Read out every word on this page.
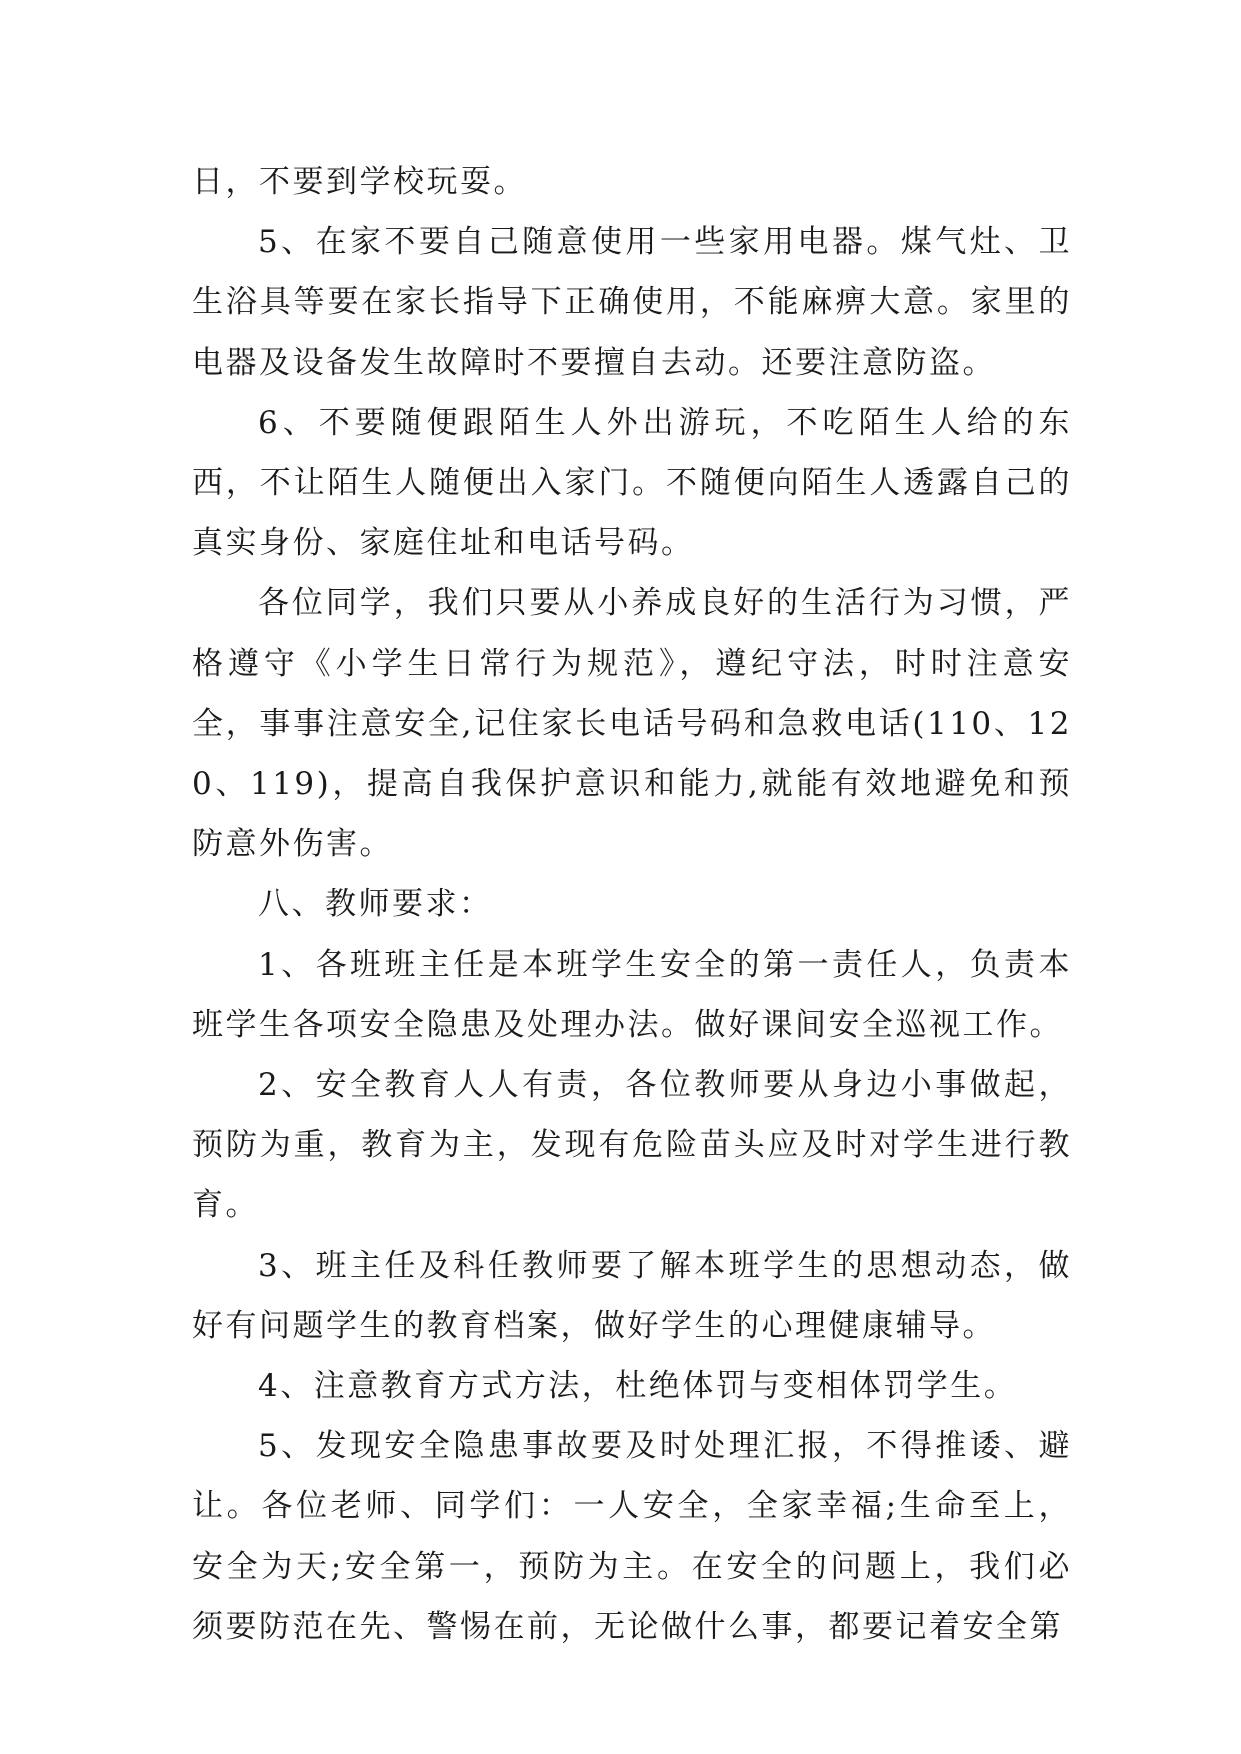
日，不要到学校玩耍。

5、在家不要自己随意使用一些家用电器。煤气灶、卫生浴具等要在家长指导下正确使用，不能麻痹大意。家里的电器及设备发生故障时不要擅自去动。还要注意防盗。

6、不要随便跟陌生人外出游玩，不吃陌生人给的东西，不让陌生人随便出入家门。不随便向陌生人透露自己的真实身份、家庭住址和电话号码。

各位同学，我们只要从小养成良好的生活行为习惯，严格遵守《小学生日常行为规范》，遵纪守法，时时注意安全，事事注意安全,记住家长电话号码和急救电话(110、120、119)，提高自我保护意识和能力,就能有效地避免和预防意外伤害。

八、教师要求：

1、各班班主任是本班学生安全的第一责任人，负责本班学生各项安全隐患及处理办法。做好课间安全巡视工作。

2、安全教育人人有责，各位教师要从身边小事做起，预防为重，教育为主，发现有危险苗头应及时对学生进行教育。

3、班主任及科任教师要了解本班学生的思想动态，做好有问题学生的教育档案，做好学生的心理健康辅导。

4、注意教育方式方法，杜绝体罚与变相体罚学生。

5、发现安全隐患事故要及时处理汇报，不得推诿、避让。各位老师、同学们：一人安全，全家幸福;生命至上，安全为天;安全第一，预防为主。在安全的问题上，我们必须要防范在先、警惕在前，无论做什么事，都要记着安全第
